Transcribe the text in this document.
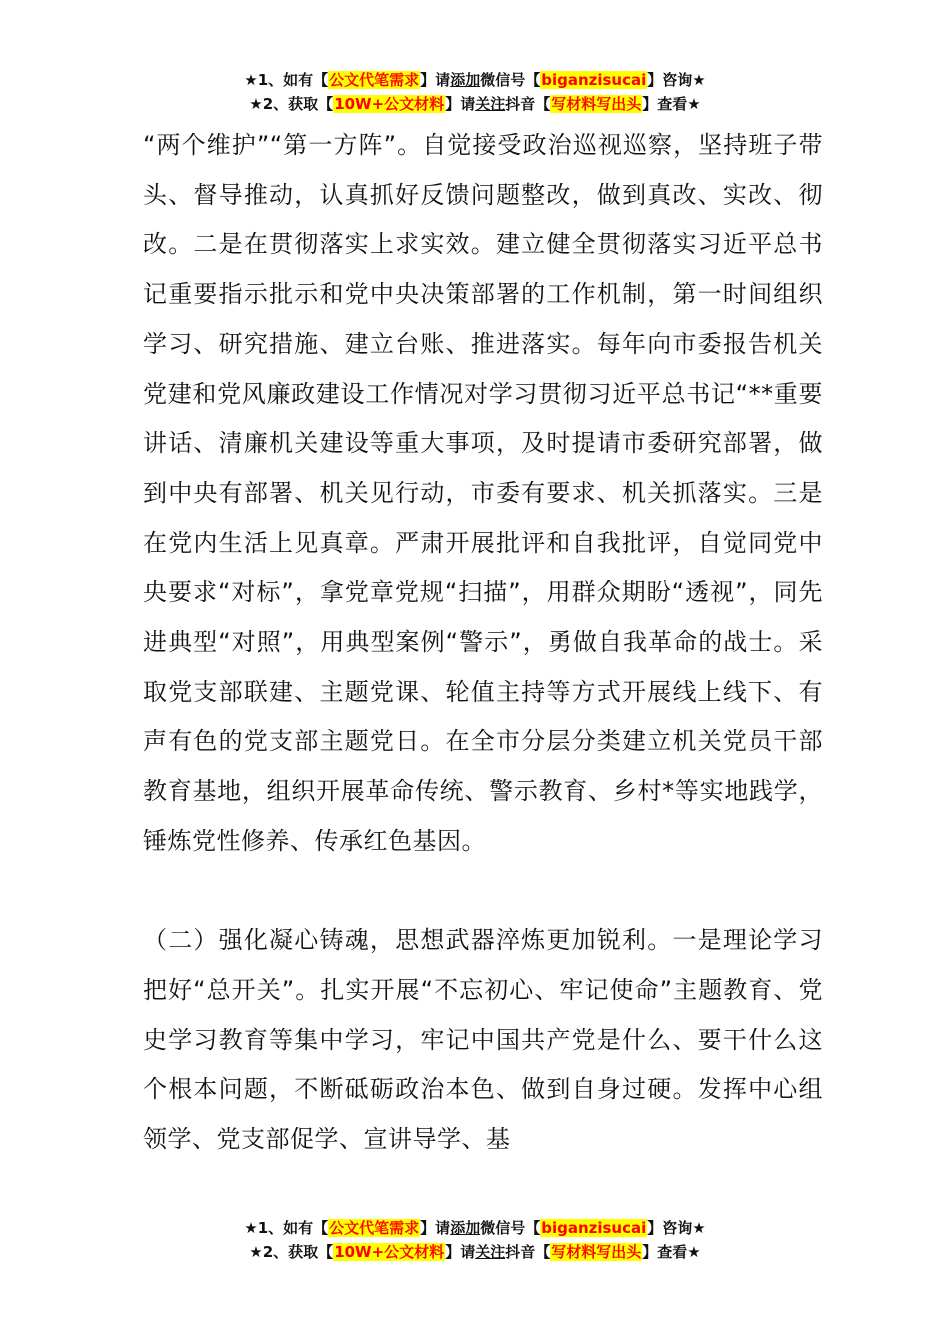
★1、如有【公文代笔需求】请添加微信号【biganzisucai】咨询★
★2、获取【10W+公文材料】请关注抖音【写材料写出头】查看★

“两个维护”“第一方阵”。自觉接受政治巡视巡察，坚持班子带头、督导推动，认真抓好反馈问题整改，做到真改、实改、彻改。二是在贯彻落实上求实效。建立健全贯彻落实习近平总书记重要指示批示和党中央决策部署的工作机制，第一时间组织学习、研究措施、建立台账、推进落实。每年向市委报告机关党建和党风廉政建设工作情况对学习贯彻习近平总书记“**重要讲话、清廉机关建设等重大事项，及时提请市委研究部署，做到中央有部署、机关见行动，市委有要求、机关抓落实。三是在党内生活上见真章。严肃开展批评和自我批评，自觉同党中央要求“对标”，拿党章党规“扫描”，用群众期盼“透视”，同先进典型“对照”，用典型案例“警示”，勇做自我革命的战士。采取党支部联建、主题党课、轮值主持等方式开展线上线下、有声有色的党支部主题党日。在全市分层分类建立机关党员干部教育基地，组织开展革命传统、警示教育、乡村*等实地践学，锤炼党性修养、传承红色基因。

（二）强化凝心铸魂，思想武器淬炼更加锐利。一是理论学习把好“总开关”。扎实开展“不忘初心、牢记使命”主题教育、党史学习教育等集中学习，牢记中国共产党是什么、要干什么这个根本问题，不断砥砺政治本色、做到自身过硬。发挥中心组领学、党支部促学、宣讲导学、基

★1、如有【公文代笔需求】请添加微信号【biganzisucai】咨询★
★2、获取【10W+公文材料】请关注抖音【写材料写出头】查看★
